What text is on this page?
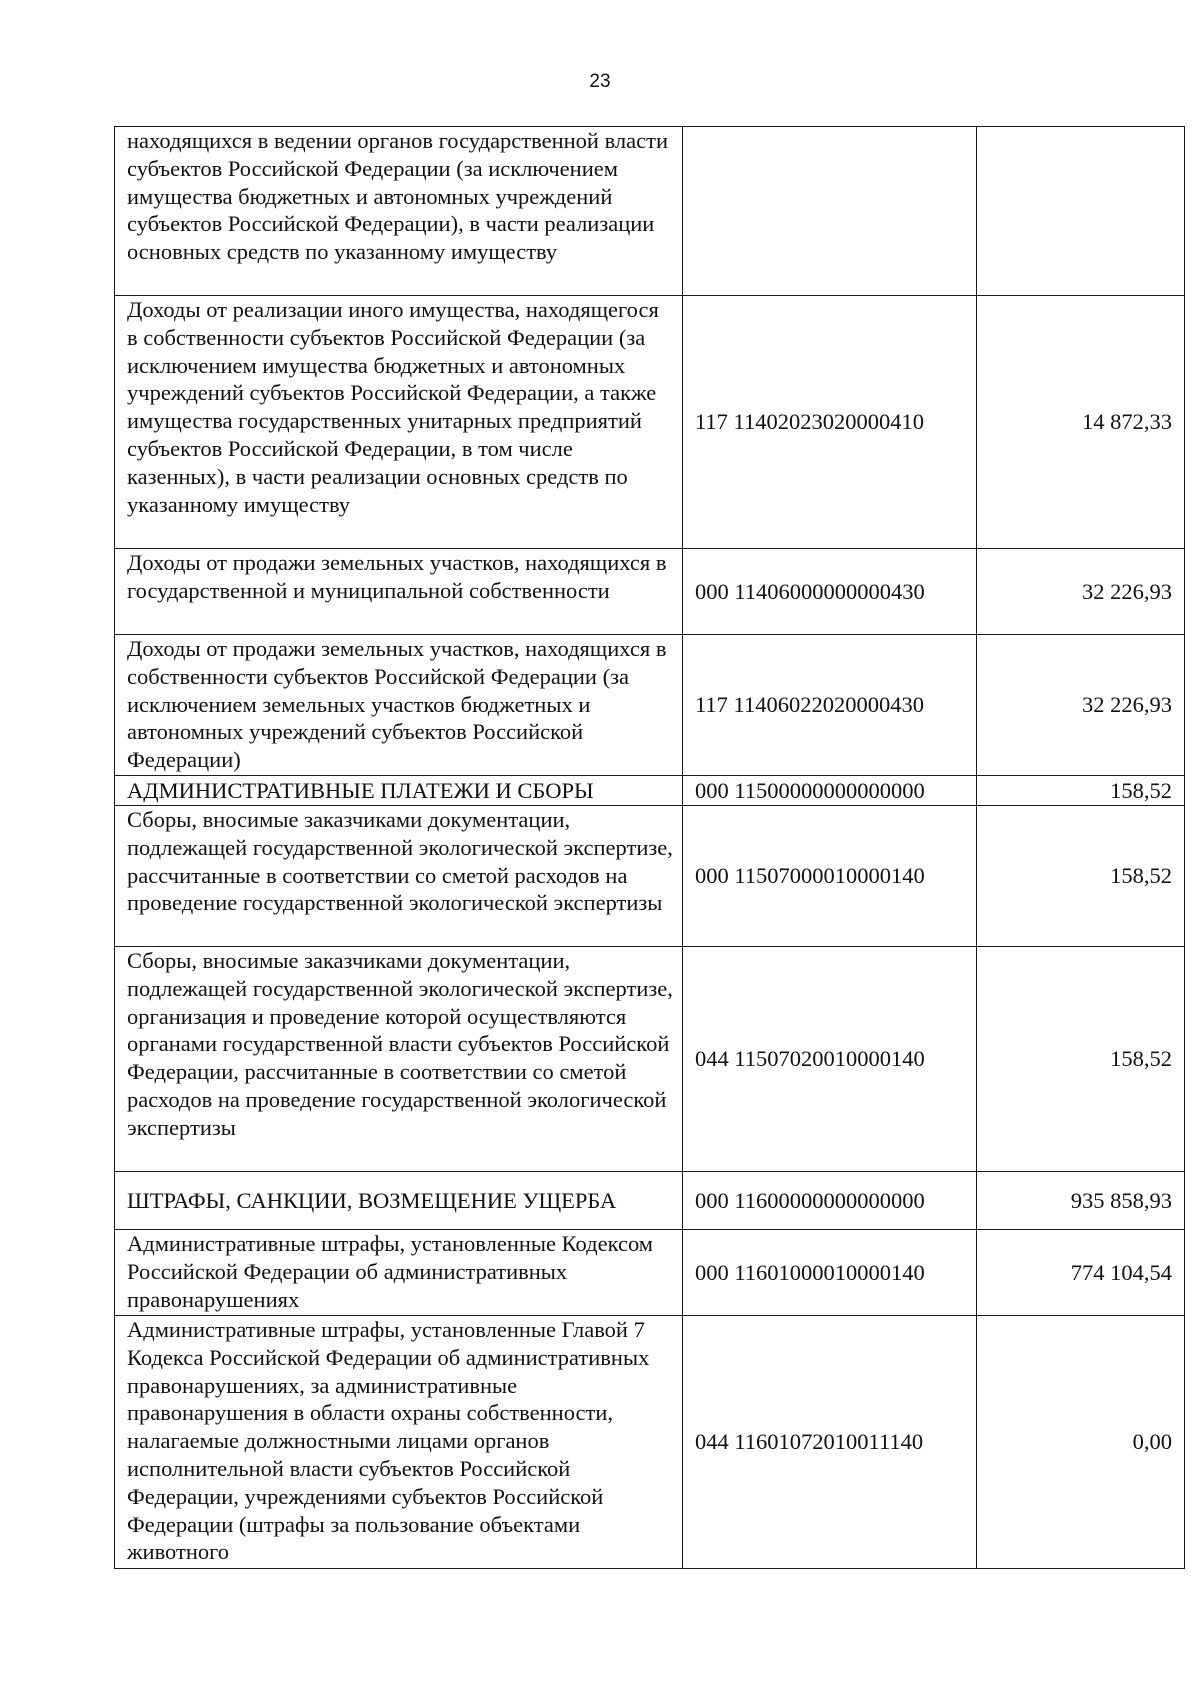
23
находящихся в ведении органов государственной власти субъектов Российской Федерации (за исключением имущества бюджетных и автономных учреждений субъектов Российской Федерации), в части реализации основных средств по указанному имуществу		

Доходы от реализации иного имущества, находящегося в собственности субъектов Российской Федерации (за исключением имущества бюджетных и автономных учреждений субъектов Российской Федерации, а также имущества государственных унитарных предприятий субъектов Российской Федерации, в том числе казенных), в части реализации основных средств по указанному имуществу	117 11402023020000410	14 872,33

Доходы от продажи земельных участков, находящихся в государственной и муниципальной собственности	000 11406000000000430	32 226,93

Доходы от продажи земельных участков, находящихся в собственности субъектов Российской Федерации (за исключением земельных участков бюджетных и автономных учреждений субъектов Российской Федерации)	117 11406022020000430	32 226,93

АДМИНИСТРАТИВНЫЕ ПЛАТЕЖИ И СБОРЫ	000 11500000000000000	158,52

Сборы, вносимые заказчиками документации, подлежащей государственной экологической экспертизе, рассчитанные в соответствии со сметой расходов на проведение государственной экологической экспертизы	000 11507000010000140	158,52

Сборы, вносимые заказчиками документации, подлежащей государственной экологической экспертизе, организация и проведение которой осуществляются органами государственной власти субъектов Российской Федерации, рассчитанные в соответствии со сметой расходов на проведение государственной экологической экспертизы	044 11507020010000140	158,52

ШТРАФЫ, САНКЦИИ, ВОЗМЕЩЕНИЕ УЩЕРБА	000 11600000000000000	935 858,93

Административные штрафы, установленные Кодексом Российской Федерации об административных правонарушениях	000 11601000010000140	774 104,54

Административные штрафы, установленные Главой 7 Кодекса Российской Федерации об административных правонарушениях, за административные правонарушения в области охраны собственности, налагаемые должностными лицами органов исполнительной власти субъектов Российской Федерации, учреждениями субъектов Российской Федерации (штрафы за пользование объектами животного	044 11601072010011140	0,00
